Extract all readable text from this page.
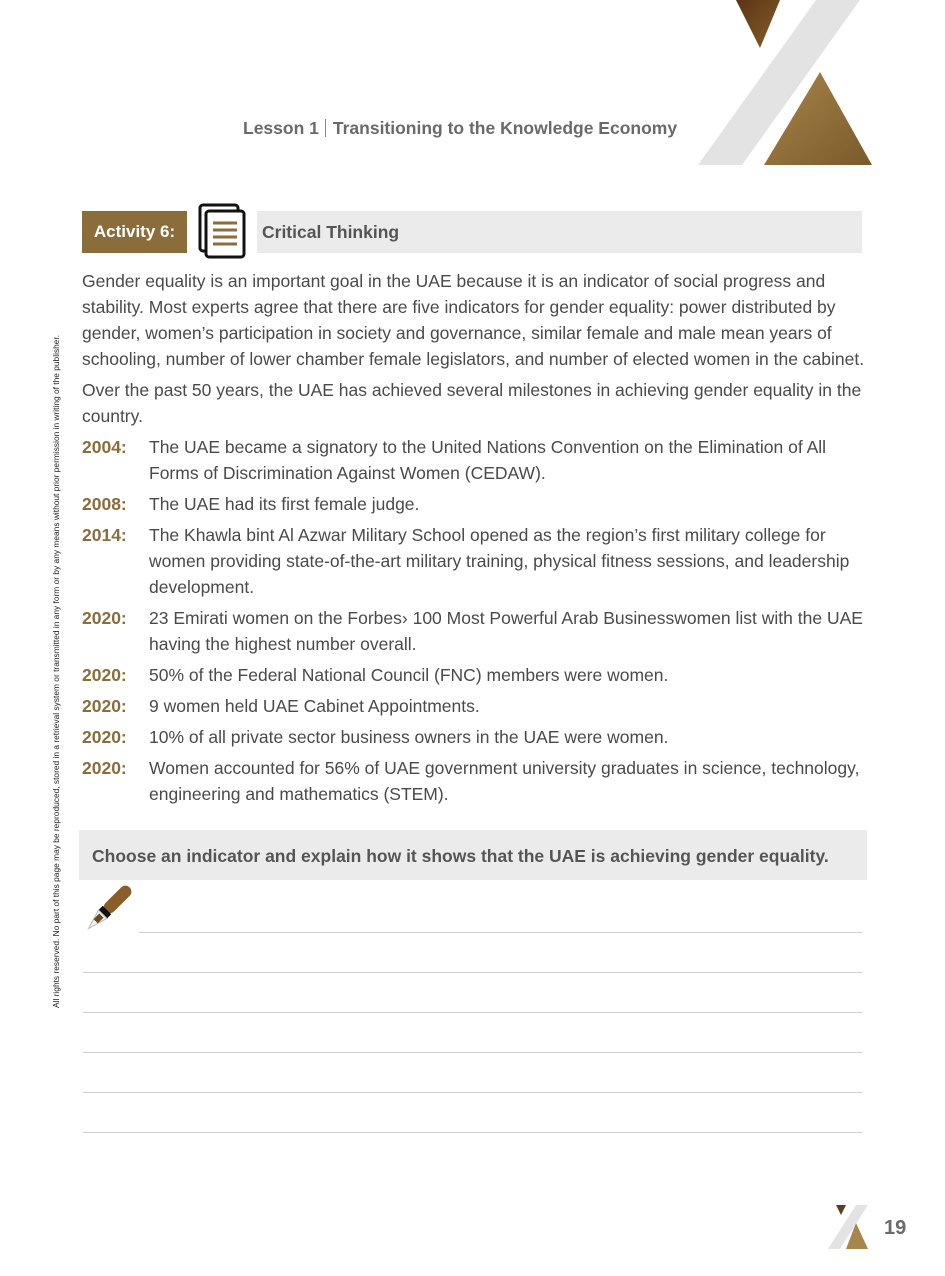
Lesson 1 Transitioning to the Knowledge Economy
Activity 6:	Critical Thinking
All rights reserved. No part of this page may be reproduced, stored in a retrieval system or transmitted in any form or by any means without prior permission in writing of the publisher.

Gender equality is an important goal in the UAE because it is an indicator of social progress and stability. Most experts agree that there are five indicators for gender equality: power distributed by gender, women’s participation in society and governance, similar female and male mean years of schooling, number of lower chamber female legislators, and number of elected women in the cabinet.

Over the past 50 years, the UAE has achieved several milestones in achieving gender equality in the country.

2004:	The UAE became a signatory to the United Nations Convention on the Elimination of All Forms of Discrimination Against Women (CEDAW).
2008:	The UAE had its first female judge.
2014:	The Khawla bint Al Azwar Military School opened as the region’s first military college for women providing state-of-the-art military training, physical fitness sessions, and leadership development.
2020:	23 Emirati women on the Forbes› 100 Most Powerful Arab Businesswomen list with the UAE having the highest number overall.
2020:	50% of the Federal National Council (FNC) members were women.
2020:	9 women held UAE Cabinet Appointments.
2020:	10% of all private sector business owners in the UAE were women.
2020:	Women accounted for 56% of UAE government university graduates in science, technology, engineering and mathematics (STEM).
Choose an indicator and explain how it shows that the UAE is achieving gender equality.
19
